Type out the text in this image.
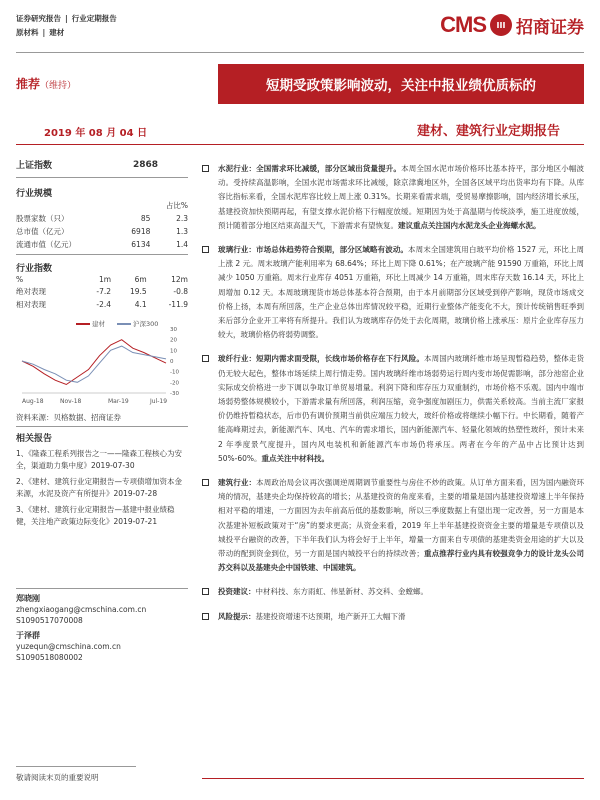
证券研究报告 | 行业定期报告
原材料 | 建材	CMS	III 招商证券
推荐（维持）	短期受政策影响波动，关注中报业绩优质标的
2019 年 08 月 04 日	建材、建筑行业定期报告
上证指数	2868
行业规模
		占比%
股票家数（只）	85	2.3
总市值（亿元）	6918	1.3
流通市值（亿元）	6134	1.4
行业指数
%	1m	6m	12m
绝对表现	-7.2	19.5	-0.8
相对表现	-2.4	4.1	-11.9
30
20
10
0
-10
-20
-30
Aug-18	Nov-18	Mar-19	Jul-19
建材	沪深300
资料来源：贝格数据、招商证券
相关报告

1、《隆森工程系列报告之一——隆森工程核心为安全，渠道助力集中度》2019-07-30

2、《建材、建筑行业定期报告—专项债增加资本金来源，水泥及资产有所提升》2019-07-28

3、《建材、建筑行业定期报告—基建中报业绩稳健，关注地产政策边际变化》2019-07-21

郑晓刚
zhengxiaogang@cmschina.com.cn
S1090517070008
于泽群
yuzequn@cmschina.com.cn
S1090518080002
水泥行业：全国需求环比减缓，部分区域出货量提升。本周全国水泥市场价格环比基本持平，部分地区小幅波动。受持续高温影响，全国水泥市场需求环比减缓，除京津冀地区外，全国各区域平均出货率均有下降。从库容比指标来看，全国水泥库容比较上周上涨 0.31%。长期来看需求端，受贸易摩擦影响，国内经济增长承压，基建投资加快预期再起，有望支撑水泥价格下行幅度放缓。短期因为处于高温期与传统淡季，施工进度放缓，预计随着部分地区结束高温天气，下游需求有望恢复。建议重点关注国内水泥龙头企业海螺水泥。
玻璃行业：市场总体趋势符合预期，部分区域略有波动。本周末全国建筑用白玻平均价格 1527 元，环比上周上涨 2 元。周末玻璃产能利用率为 68.64%；环比上周下降 0.61%；在产玻璃产能 91590 万重箱，环比上周减少 1050 万重箱。周末行业库存 4051 万重箱，环比上周减少 14 万重箱，周末库存天数 16.14 天，环比上周增加 0.12 天。本周玻璃现货市场总体基本符合预期，由于本月前期部分区域受到停产影响，现货市场成交价格上扬，本周有所回落，生产企业总体出库情况较平稳，近期行业整体产能变化不大，预计传统销售旺季到来后部分企业开工率将有所提升。我们认为玻璃库存仍处于去化周期，玻璃价格上涨承压：原片企业库存压力较大，玻璃价格仍将弱势调整。
玻纤行业：短期内需求面受限，长线市场价格存在下行风险。本周国内玻璃纤维市场呈现暂稳趋势，整体走货仍无较大起色，整体市场延续上周行情走势。国内玻璃纤维市场弱势运行周内变市场促需影响，部分池窑企业实际成交价格进一步下调以争取订单贸易增量。利润下降和库存压力双重制约，市场价格不乐观。国内中端市场弱势整体规模较小，下游需求量有所回落，利润压缩，竞争强度加剧压力，供需关系较高。当前主流厂家报价仍维持暂稳状态，后市仍有调价预期当前供应端压力较大，玻纤价格或将继续小幅下行。中长期看，随着产能高峰期过去，新能源汽车、风电、汽车的需求增长，国内新能源汽车、轻量化领域的热塑性玻纤，预计未来 2 年季度景气度提升，国内风电装机和新能源汽车市场仍将承压。两者在今年的产品中占比预计达到 50%-60%。重点关注中材科技。
建筑行业：本周政治局会议再次强调逆周期调节重要性与房住不炒的政策。从订单方面来看，因为国内融资环境的情况，基建央企均保持较高的增长；从基建投资的角度来看，主要的增量是国内基建投资增速上半年保持相对平稳的增速，一方面因为去年前高后低的基数影响，所以三季度数据上有望出现一定改善，另一方面是本次基建补短板政策对于“房”的要求更高；从资金来看，2019 年上半年基建投资资金主要的增量是专项债以及城投平台融资的改善，下半年我们认为将会好于上半年，增量一方面来自专项债的基建类资金用途的扩大以及带动的配到资金到位，另一方面是国内城投平台的持续改善；重点推荐行业内具有较强竞争力的设计龙头公司苏交科以及基建央企中国铁建、中国建筑。
投资建议：中材科技、东方雨虹、伟星新材、苏交科、金螳螂。
风险提示：基建投资增速不达预期，地产新开工大幅下滑
敬请阅读末页的重要说明
